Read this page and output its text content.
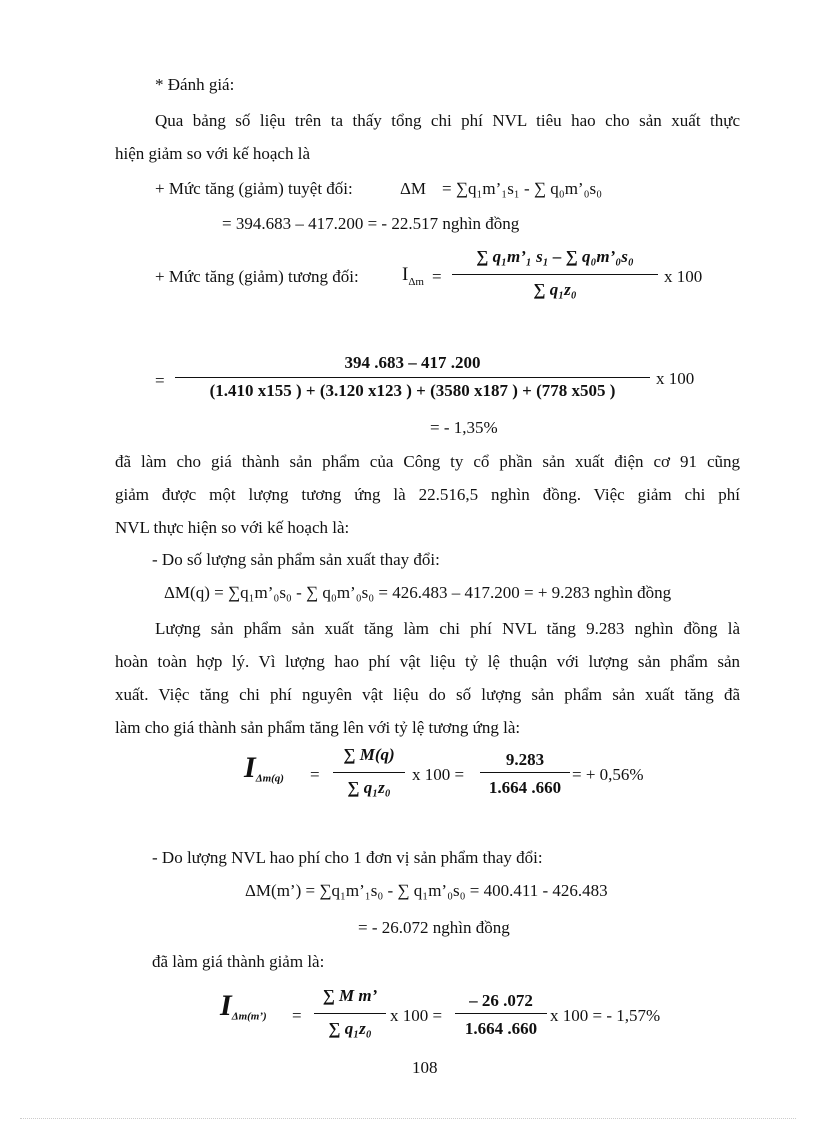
* Đánh giá:
Qua bảng số liệu trên ta thấy tổng chi phí NVL tiêu hao cho sản xuất thực
hiện giảm so với kế hoạch là
+ Mức tăng (giảm) tuyệt đối:	ΔM = ∑q₁m’₁s₁ - ∑ q₀m’₀s₀
= 394.683 – 417.200 = - 22.517 nghìn đồng
+ Mức tăng (giảm) tương đối: $I_{\Delta m}$ =
∑ q₁m’₁ s₁ – ∑ q₀m’₀s₀
∑ q₁z₀
x 100
=
394 .683 – 417 .200
(1.410 x155 ) + (3.120 x123 ) + (3580 x187 ) + (778 x505 )
x 100
= - 1,35%
đã làm cho giá thành sản phẩm của Công ty cổ phần sản xuất điện cơ 91 cũng
giảm được một lượng tương ứng là 22.516,5 nghìn đồng. Việc giảm chi phí
NVL thực hiện so với kế hoạch là:
- Do số lượng sản phẩm sản xuất thay đổi:
ΔM(q) = ∑q₁m’₀s₀ - ∑ q₀m’₀s₀ = 426.483 – 417.200 = + 9.283 nghìn đồng
Lượng sản phẩm sản xuất tăng làm chi phí NVL tăng 9.283 nghìn đồng là
hoàn toàn hợp lý. Vì lượng hao phí vật liệu tỷ lệ thuận với lượng sản phẩm sản
xuất. Việc tăng chi phí nguyên vật liệu do số lượng sản phẩm sản xuất tăng đã
làm cho giá thành sản phẩm tăng lên với tỷ lệ tương ứng là:
$I_{\Delta m(q)}$ =
∑ M(q)
∑ q₁z₀
x 100 =
9.283
1.664 .660
= + 0,56%
- Do lượng NVL hao phí cho 1 đơn vị sản phẩm thay đổi:
ΔM(m’) = ∑q₁m’₁s₀ - ∑ q₁m’₀s₀ = 400.411 - 426.483
= - 26.072 nghìn đồng
đã làm giá thành giảm là:
$I_{\Delta m(m’)}$ =
∑ M m’
∑ q₁z₀
x 100 =
– 26 .072
1.664 .660
x 100 = - 1,57%
108
